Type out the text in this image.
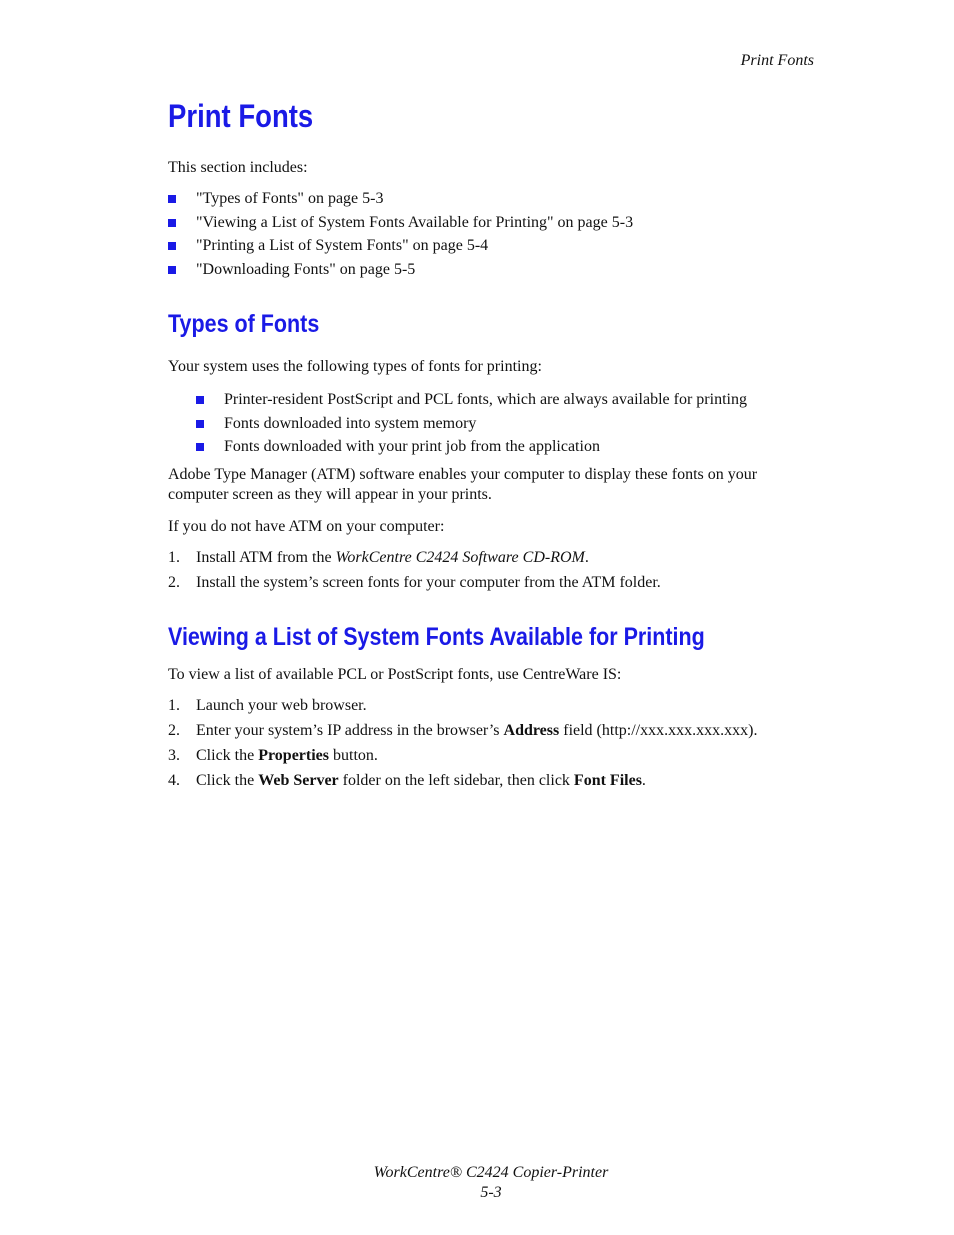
Print Fonts
Print Fonts

This section includes:

"Types of Fonts" on page 5-3
"Viewing a List of System Fonts Available for Printing" on page 5-3
"Printing a List of System Fonts" on page 5-4
"Downloading Fonts" on page 5-5
Types of Fonts

Your system uses the following types of fonts for printing:

Printer-resident PostScript and PCL fonts, which are always available for printing
Fonts downloaded into system memory
Fonts downloaded with your print job from the application

Adobe Type Manager (ATM) software enables your computer to display these fonts on your computer screen as they will appear in your prints.

If you do not have ATM on your computer:

1. Install ATM from the WorkCentre C2424 Software CD-ROM.
2. Install the system’s screen fonts for your computer from the ATM folder.
Viewing a List of System Fonts Available for Printing

To view a list of available PCL or PostScript fonts, use CentreWare IS:

1. Launch your web browser.
2. Enter your system’s IP address in the browser’s Address field (http://xxx.xxx.xxx.xxx).
3. Click the Properties button.
4. Click the Web Server folder on the left sidebar, then click Font Files.
WorkCentre® C2424 Copier-Printer
5-3
